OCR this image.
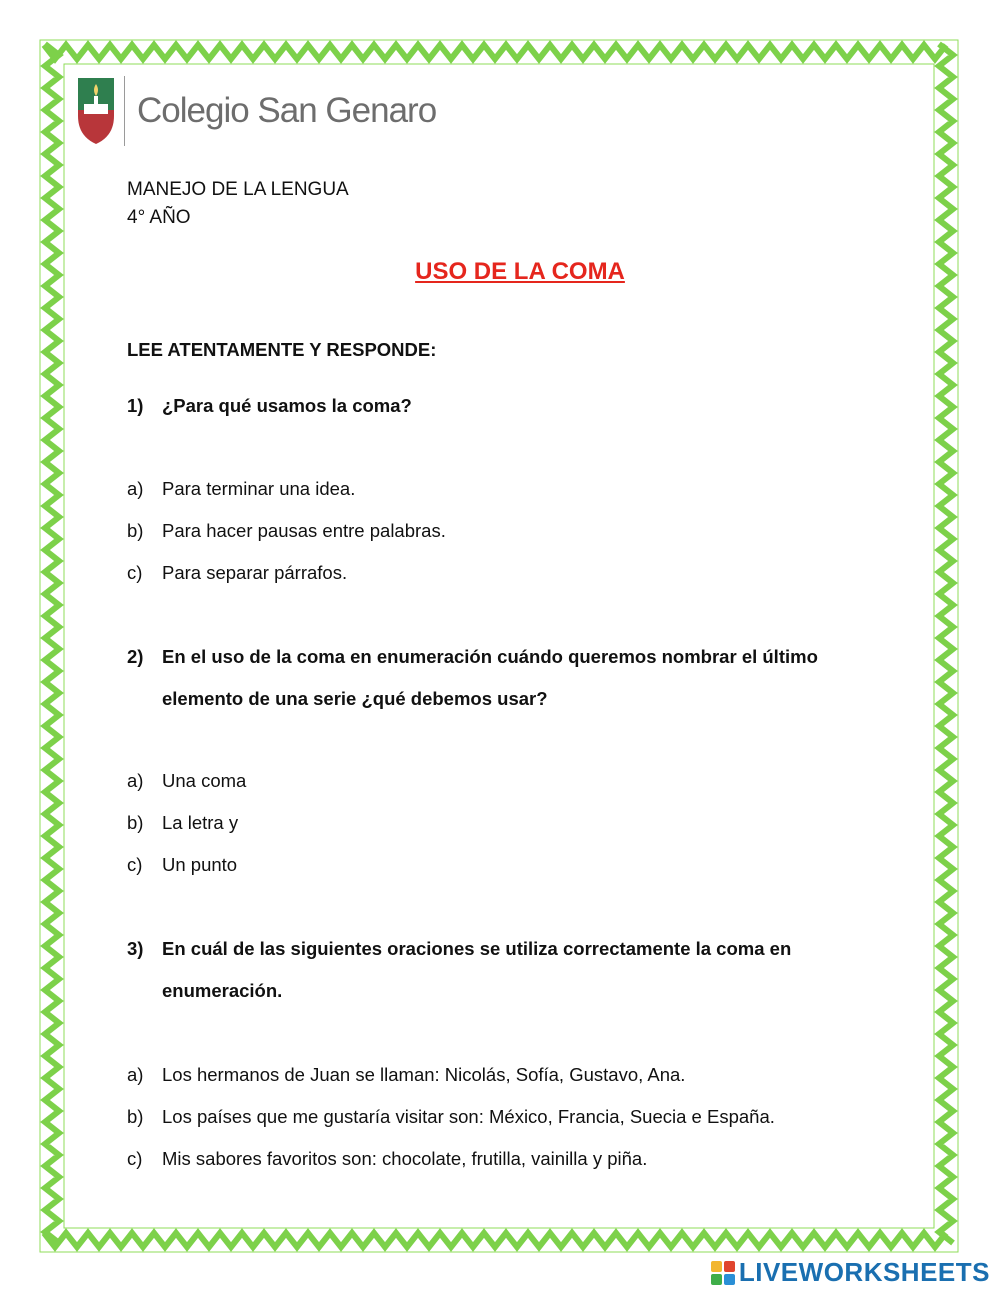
Colegio San Genaro
MANEJO DE LA LENGUA
4° AÑO
USO DE LA COMA
LEE ATENTAMENTE Y RESPONDE:
1)	¿Para qué usamos la coma?
a)	Para terminar una idea.
b)	Para hacer pausas entre palabras.
c)	Para separar párrafos.
2)	En el uso de la coma en enumeración cuándo queremos nombrar el último elemento de una serie ¿qué debemos usar?
a)	Una coma
b)	La letra y
c)	Un punto
3)	En cuál de las siguientes oraciones se utiliza correctamente la coma en enumeración.
a)	Los hermanos de Juan se llaman: Nicolás, Sofía, Gustavo, Ana.
b)	Los países que me gustaría visitar son: México, Francia, Suecia e España.
c)	Mis sabores favoritos son: chocolate, frutilla, vainilla y piña.
LIVEWORKSHEETS
